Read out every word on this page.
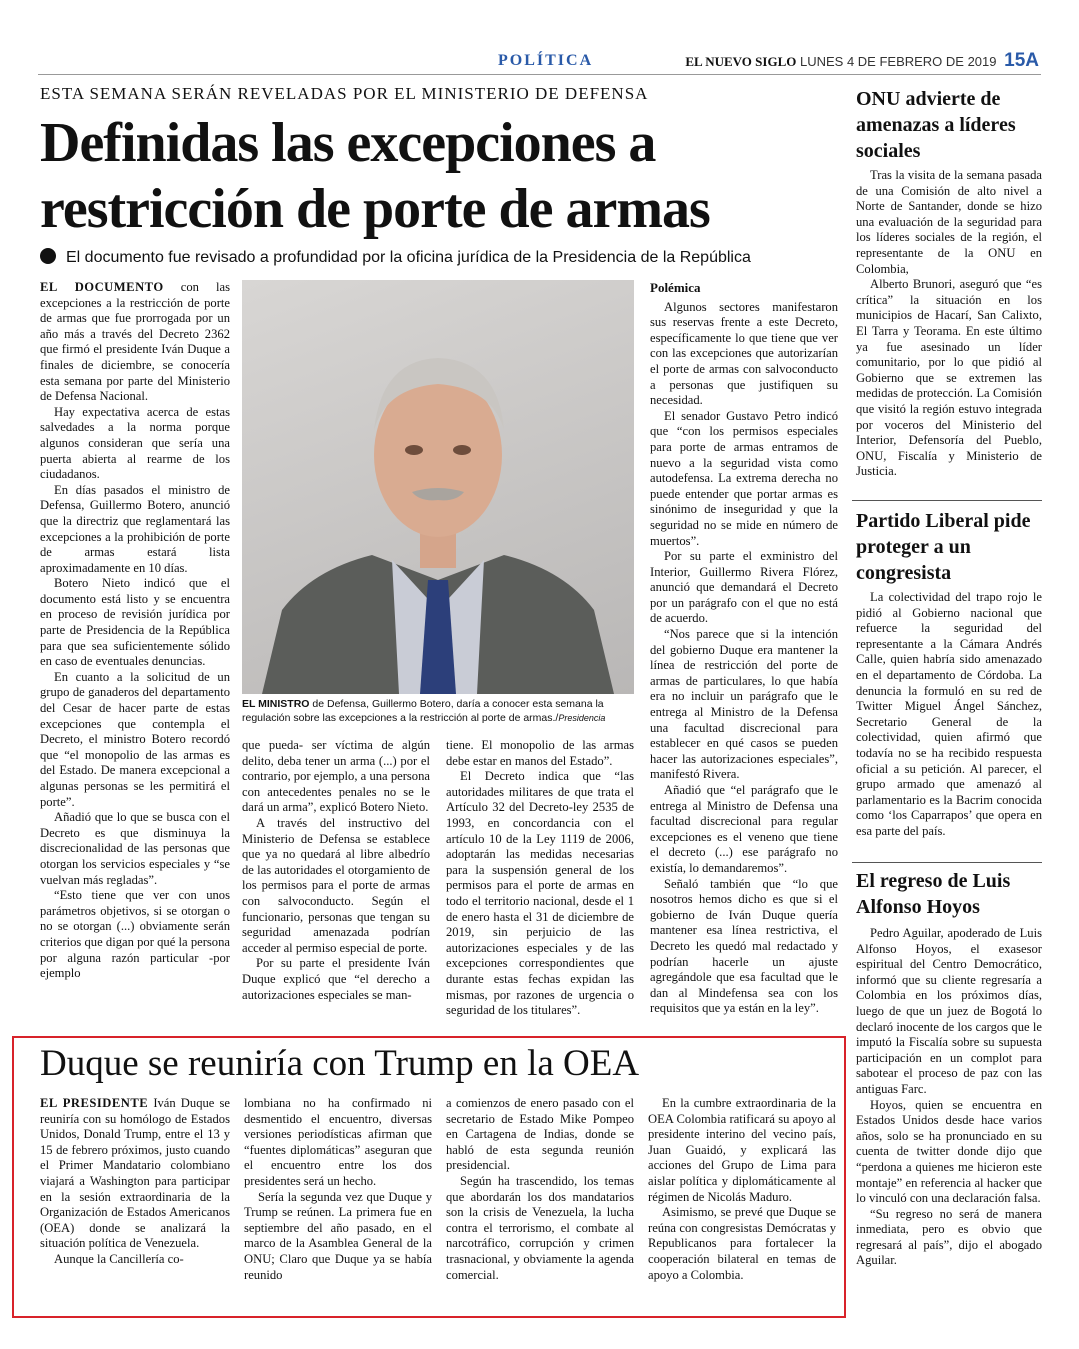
POLÍTICA	EL NUEVO SIGLO LUNES 4 DE FEBRERO DE 2019 15A
ESTA SEMANA SERÁN REVELADAS POR EL MINISTERIO DE DEFENSA
Definidas las excepciones a
restricción de porte de armas
El documento fue revisado a profundidad por la oficina jurídica de la Presidencia de la República

EL DOCUMENTO con las excepciones a la restricción de porte de armas que fue prorrogada por un año más a través del Decreto 2362 que firmó el presidente Iván Duque a finales de diciembre, se conocería esta semana por parte del Ministerio de Defensa Nacional.

Hay expectativa acerca de estas salvedades a la norma porque algunos consideran que sería una puerta abierta al rearme de los ciudadanos.

En días pasados el ministro de Defensa, Guillermo Botero, anunció que la directriz que reglamentará las excepciones a la prohibición de porte de armas estará lista aproximadamente en 10 días.

Botero Nieto indicó que el documento está listo y se encuentra en proceso de revisión jurídica por parte de Presidencia de la República para que sea suficientemente sólido en caso de eventuales denuncias.

En cuanto a la solicitud de un grupo de ganaderos del departamento del Cesar de hacer parte de estas excepciones que contempla el Decreto, el ministro Botero recordó que “el monopolio de las armas es del Estado. De manera excepcional a algunas personas se les permitirá el porte”.

Añadió que lo que se busca con el Decreto es que disminuya la discrecionalidad de las personas que otorgan los servicios especiales y “se vuelvan más regladas”.

“Esto tiene que ver con unos parámetros objetivos, si se otorgan o no se otorgan (...) obviamente serán criterios que digan por qué la persona por alguna razón particular -por ejemplo

EL MINISTRO de Defensa, Guillermo Botero, daría a conocer esta semana la regulación sobre las excepciones a la restricción al porte de armas./Presidencia

que pueda- ser víctima de algún delito, deba tener un arma (...) por el contrario, por ejemplo, a una persona con antecedentes penales no se le dará un arma”, explicó Botero Nieto.

A través del instructivo del Ministerio de Defensa se establece que ya no quedará al libre albedrío de las autoridades el otorgamiento de los permisos para el porte de armas con salvoconducto. Según el funcionario, personas que tengan su seguridad amenazada podrían acceder al permiso especial de porte.

Por su parte el presidente Iván Duque explicó que “el derecho a autorizaciones especiales se man-

tiene. El monopolio de las armas debe estar en manos del Estado”.

El Decreto indica que “las autoridades militares de que trata el Artículo 32 del Decreto-ley 2535 de 1993, en concordancia con el artículo 10 de la Ley 1119 de 2006, adoptarán las medidas necesarias para la suspensión general de los permisos para el porte de armas en todo el territorio nacional, desde el 1 de enero hasta el 31 de diciembre de 2019, sin perjuicio de las autorizaciones especiales y de las excepciones correspondientes que durante estas fechas expidan las mismas, por razones de urgencia o seguridad de los titulares”.

Polémica

Algunos sectores manifestaron sus reservas frente a este Decreto, específicamente lo que tiene que ver con las excepciones que autorizarían el porte de armas con salvoconducto a personas que justifiquen su necesidad.

El senador Gustavo Petro indicó que “con los permisos especiales para porte de armas entramos de nuevo a la seguridad vista como autodefensa. La extrema derecha no puede entender que portar armas es sinónimo de inseguridad y que la seguridad no se mide en número de muertos”.

Por su parte el exministro del Interior, Guillermo Rivera Flórez, anunció que demandará el Decreto por un parágrafo con el que no está de acuerdo.

“Nos parece que si la intención del gobierno Duque era mantener la línea de restricción del porte de armas de particulares, lo que había era no incluir un parágrafo que le entrega al Ministro de la Defensa una facultad discrecional para establecer en qué casos se pueden hacer las autorizaciones especiales”, manifestó Rivera.

Añadió que “el parágrafo que le entrega al Ministro de Defensa una facultad discrecional para regular excepciones es el veneno que tiene el decreto (...) ese parágrafo no existía, lo demandaremos”.

Señaló también que “lo que nosotros hemos dicho es que si el gobierno de Iván Duque quería mantener esa línea restrictiva, el Decreto les quedó mal redactado y podrían hacerle un ajuste agregándole que esa facultad que le dan al Mindefensa sea con los requisitos que ya están en la ley”.

Duque se reuniría con Trump en la OEA

EL PRESIDENTE Iván Duque se reuniría con su homólogo de Estados Unidos, Donald Trump, entre el 13 y 15 de febrero próximos, justo cuando el Primer Mandatario colombiano viajará a Washington para participar en la sesión extraordinaria de la Organización de Estados Americanos (OEA) donde se analizará la situación política de Venezuela.

Aunque la Cancillería co-

lombiana no ha confirmado ni desmentido el encuentro, diversas versiones periodísticas afirman que “fuentes diplomáticas” aseguran que el encuentro entre los dos presidentes será un hecho.

Sería la segunda vez que Duque y Trump se reúnen. La primera fue en septiembre del año pasado, en el marco de la Asamblea General de la ONU; Claro que Duque ya se había reunido

a comienzos de enero pasado con el secretario de Estado Mike Pompeo en Cartagena de Indias, donde se habló de esta segunda reunión presidencial.

Según ha trascendido, los temas que abordarán los dos mandatarios son la crisis de Venezuela, la lucha contra el terrorismo, el combate al narcotráfico, corrupción y crimen trasnacional, y obviamente la agenda comercial.

En la cumbre extraordinaria de la OEA Colombia ratificará su apoyo al presidente interino del vecino país, Juan Guaidó, y explicará las acciones del Grupo de Lima para aislar política y diplomáticamente al régimen de Nicolás Maduro.

Asimismo, se prevé que Duque se reúna con congresistas Demócratas y Republicanos para fortalecer la cooperación bilateral en temas de apoyo a Colombia.

ONU advierte de amenazas a líderes sociales

Tras la visita de la semana pasada de una Comisión de alto nivel a Norte de Santander, donde se hizo una evaluación de la seguridad para los líderes sociales de la región, el representante de la ONU en Colombia,

Alberto Brunori, aseguró que “es crítica” la situación en los municipios de Hacarí, San Calixto, El Tarra y Teorama. En este último ya fue asesinado un líder comunitario, por lo que pidió al Gobierno que se extremen las medidas de protección. La Comisión que visitó la región estuvo integrada por voceros del Ministerio del Interior, Defensoría del Pueblo, ONU, Fiscalía y Ministerio de Justicia.

Partido Liberal pide proteger a un congresista

La colectividad del trapo rojo le pidió al Gobierno nacional que refuerce la seguridad del representante a la Cámara Andrés Calle, quien habría sido amenazado en el departamento de Córdoba. La denuncia la formuló en su red de Twitter Miguel Ángel Sánchez, Secretario General de la colectividad, quien afirmó que todavía no se ha recibido respuesta oficial a su petición. Al parecer, el grupo armado que amenazó al parlamentario es la Bacrim conocida como ‘los Caparrapos’ que opera en esa parte del país.

El regreso de Luis Alfonso Hoyos

Pedro Aguilar, apoderado de Luis Alfonso Hoyos, el exasesor espiritual del Centro Democrático, informó que su cliente regresaría a Colombia en los próximos días, luego de que un juez de Bogotá lo declaró inocente de los cargos que le imputó la Fiscalía sobre su supuesta participación en un complot para sabotear el proceso de paz con las antiguas Farc.

Hoyos, quien se encuentra en Estados Unidos desde hace varios años, solo se ha pronunciado en su cuenta de twitter donde dijo que “perdona a quienes me hicieron este montaje” en referencia al hacker que lo vinculó con una declaración falsa.

“Su regreso no será de manera inmediata, pero es obvio que regresará al país”, dijo el abogado Aguilar.
